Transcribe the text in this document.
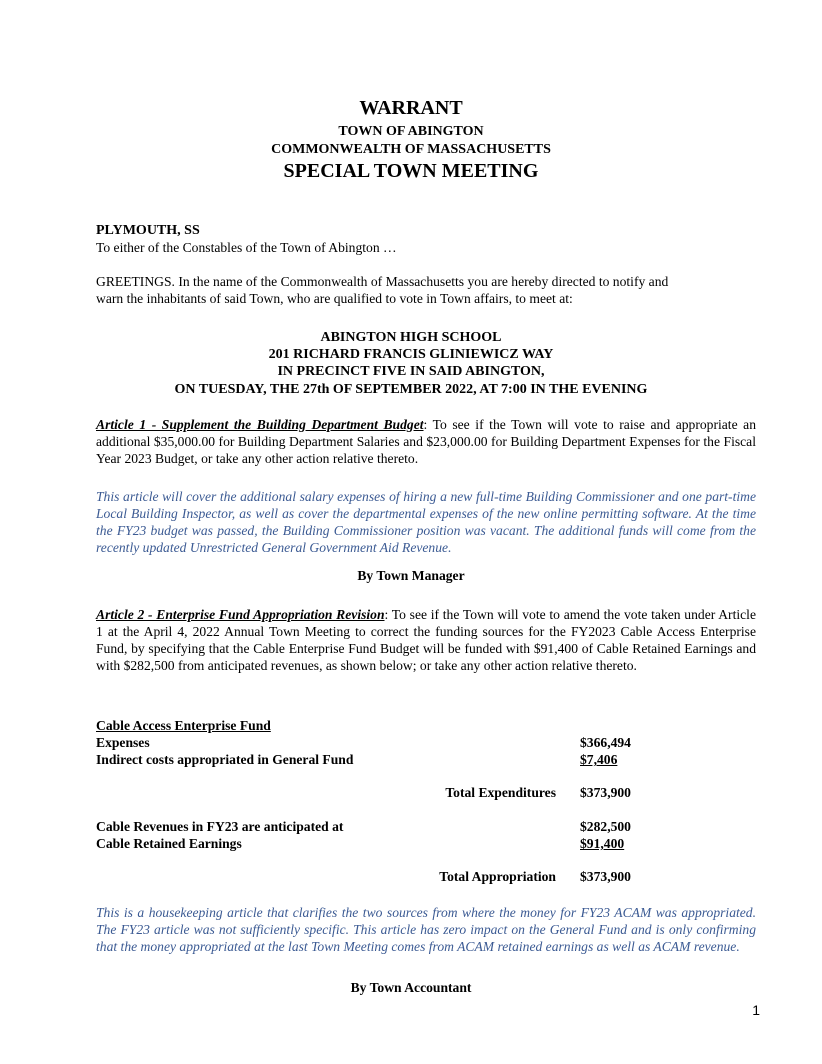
WARRANT
TOWN OF ABINGTON
COMMONWEALTH OF MASSACHUSETTS
SPECIAL TOWN MEETING
PLYMOUTH, SS
To either of the Constables of the Town of Abington …
GREETINGS. In the name of the Commonwealth of Massachusetts you are hereby directed to notify and
warn the inhabitants of said Town, who are qualified to vote in Town affairs, to meet at:
ABINGTON HIGH SCHOOL
201 RICHARD FRANCIS GLINIEWICZ WAY
IN PRECINCT FIVE IN SAID ABINGTON,
ON TUESDAY, THE 27th OF SEPTEMBER 2022, AT 7:00 IN THE EVENING
Article 1 - Supplement the Building Department Budget: To see if the Town will vote to raise and appropriate an additional $35,000.00 for Building Department Salaries and $23,000.00 for Building Department Expenses for the Fiscal Year 2023 Budget, or take any other action relative thereto.
This article will cover the additional salary expenses of hiring a new full-time Building Commissioner and one part-time Local Building Inspector, as well as cover the departmental expenses of the new online permitting software. At the time the FY23 budget was passed, the Building Commissioner position was vacant. The additional funds will come from the recently updated Unrestricted General Government Aid Revenue.
By Town Manager
Article 2 - Enterprise Fund Appropriation Revision: To see if the Town will vote to amend the vote taken under Article 1 at the April 4, 2022 Annual Town Meeting to correct the funding sources for the FY2023 Cable Access Enterprise Fund, by specifying that the Cable Enterprise Fund Budget will be funded with $91,400 of Cable Retained Earnings and with $282,500 from anticipated revenues, as shown below; or take any other action relative thereto.
Cable Access Enterprise Fund
Expenses	$366,494
Indirect costs appropriated in General Fund	$7,406
Total Expenditures $373,900
Cable Revenues in FY23 are anticipated at	$282,500
Cable Retained Earnings	$91,400
Total Appropriation $373,900
This is a housekeeping article that clarifies the two sources from where the money for FY23 ACAM was appropriated. The FY23 article was not sufficiently specific. This article has zero impact on the General Fund and is only confirming that the money appropriated at the last Town Meeting comes from ACAM retained earnings as well as ACAM revenue.
By Town Accountant
1
